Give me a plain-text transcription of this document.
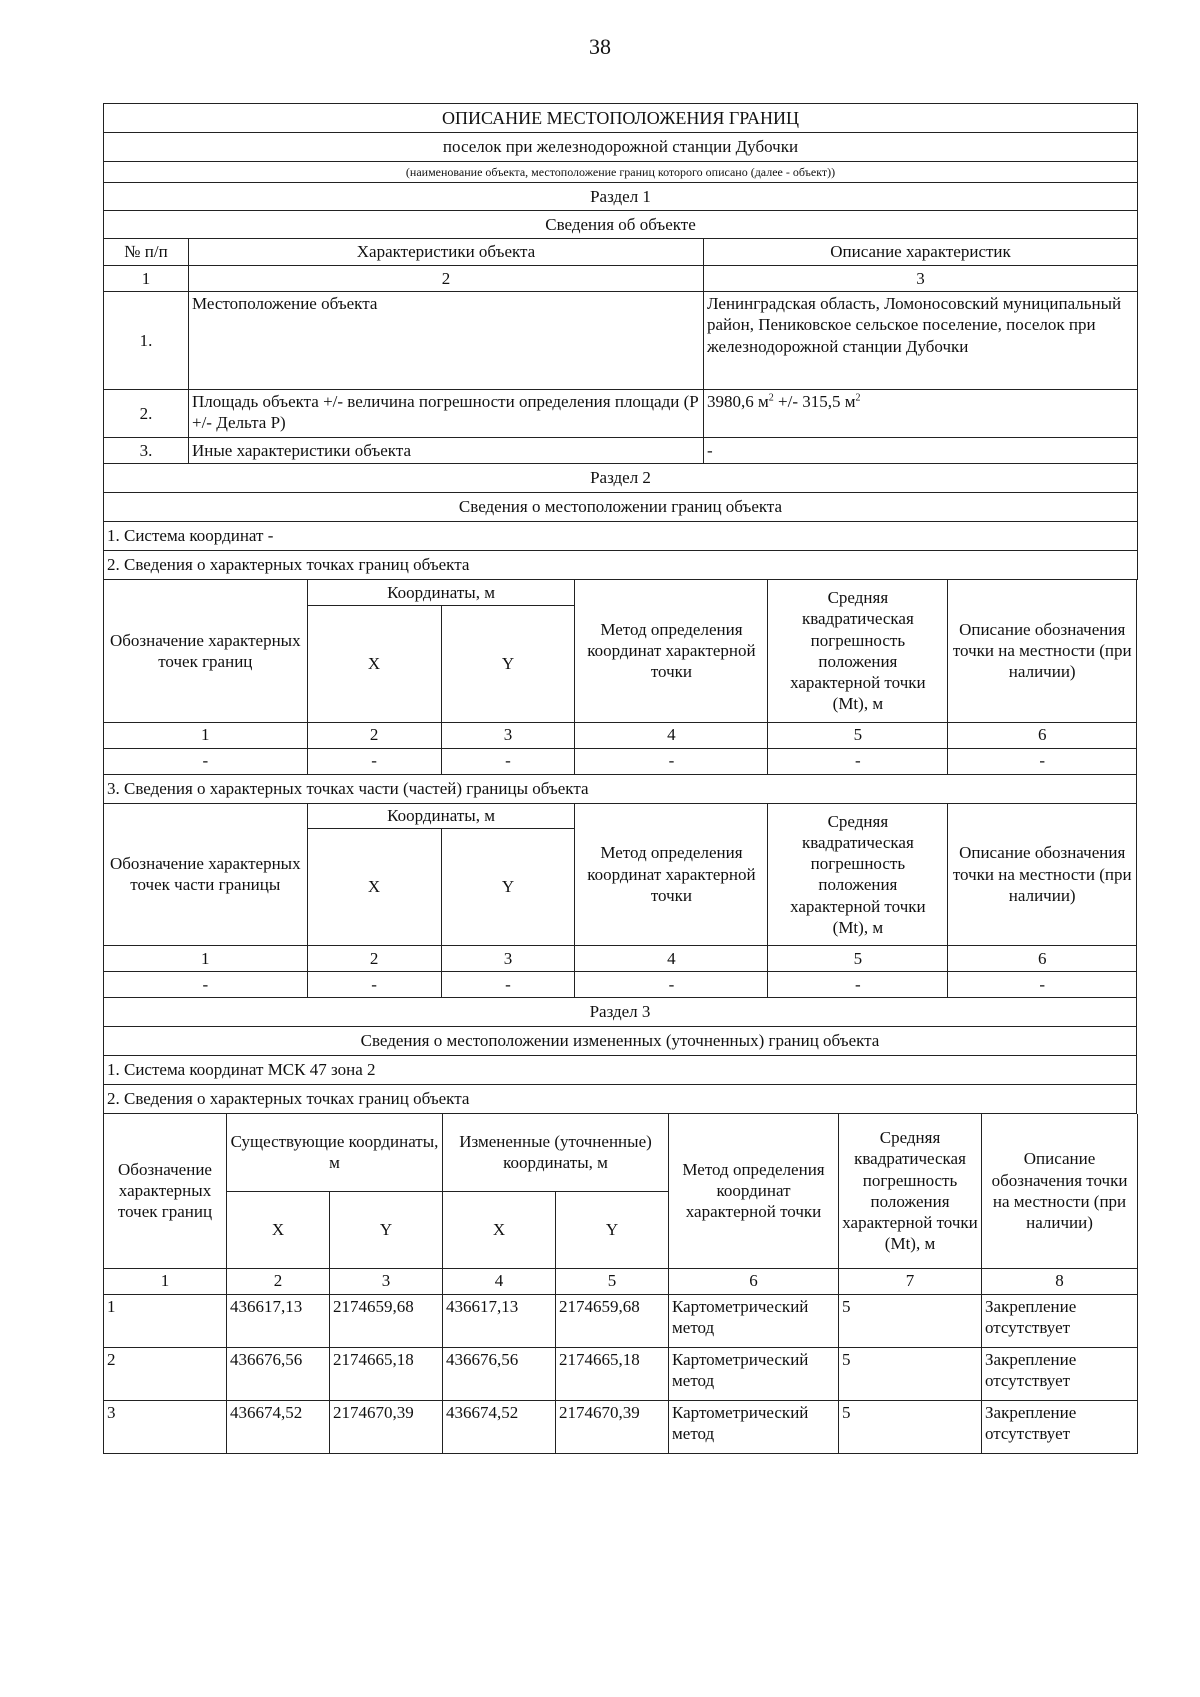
38
ОПИСАНИЕ МЕСТОПОЛОЖЕНИЯ ГРАНИЦ		
поселок при железнодорожной станции Дубочки		
(наименование объекта, местоположение границ которого описано (далее - объект))		
Раздел 1		
Сведения об объекте		
№ п/п	Характеристики объекта	Описание характеристик
1	2	3
1.	Местоположение объекта	Ленинградская область, Ломоносовский муниципальный район, Пениковское сельское поселение, поселок при железнодорожной станции Дубочки
2.	Площадь объекта +/- величина погрешности определения площади (P +/- Дельта P)	3980,6 $м^2$ +/- 315,5 $м^2$
3.	Иные характеристики объекта	-
Раздел 2		
Сведения о местоположении границ объекта		
1. Система координат -		
2. Сведения о характерных точках границ объекта		
Обозначение характерных точек границ	Координаты, м		Метод определения координат характерной точки	Средняя квадратическая погрешность положения характерной точки (Mt), м	Описание обозначения точки на местности (при наличии)
	X	Y			
1	2	3	4	5	6
-	-	-	-	-	-
3. Сведения о характерных точках части (частей) границы объекта					
Обозначение характерных точек части границы	Координаты, м		Метод определения координат характерной точки	Средняя квадратическая погрешность положения характерной точки (Mt), м	Описание обозначения точки на местности (при наличии)
	X	Y			
1	2	3	4	5	6
-	-	-	-	-	-
Раздел 3					
Сведения о местоположении измененных (уточненных) границ объекта					
1. Система координат МСК 47 зона 2					
2. Сведения о характерных точках границ объекта					
Обозначение характерных точек границ	Существующие координаты, м		Измененные (уточненные) координаты, м		Метод определения координат характерной точки	Средняя квадратическая погрешность положения характерной точки (Mt), м	Описание обозначения точки на местности (при наличии)
	X	Y	X	Y			
1	2	3	4	5	6	7	8
1	436617,13	2174659,68	436617,13	2174659,68	Картометрический метод	5	Закрепление отсутствует
2	436676,56	2174665,18	436676,56	2174665,18	Картометрический метод	5	Закрепление отсутствует
3	436674,52	2174670,39	436674,52	2174670,39	Картометрический метод	5	Закрепление отсутствует
